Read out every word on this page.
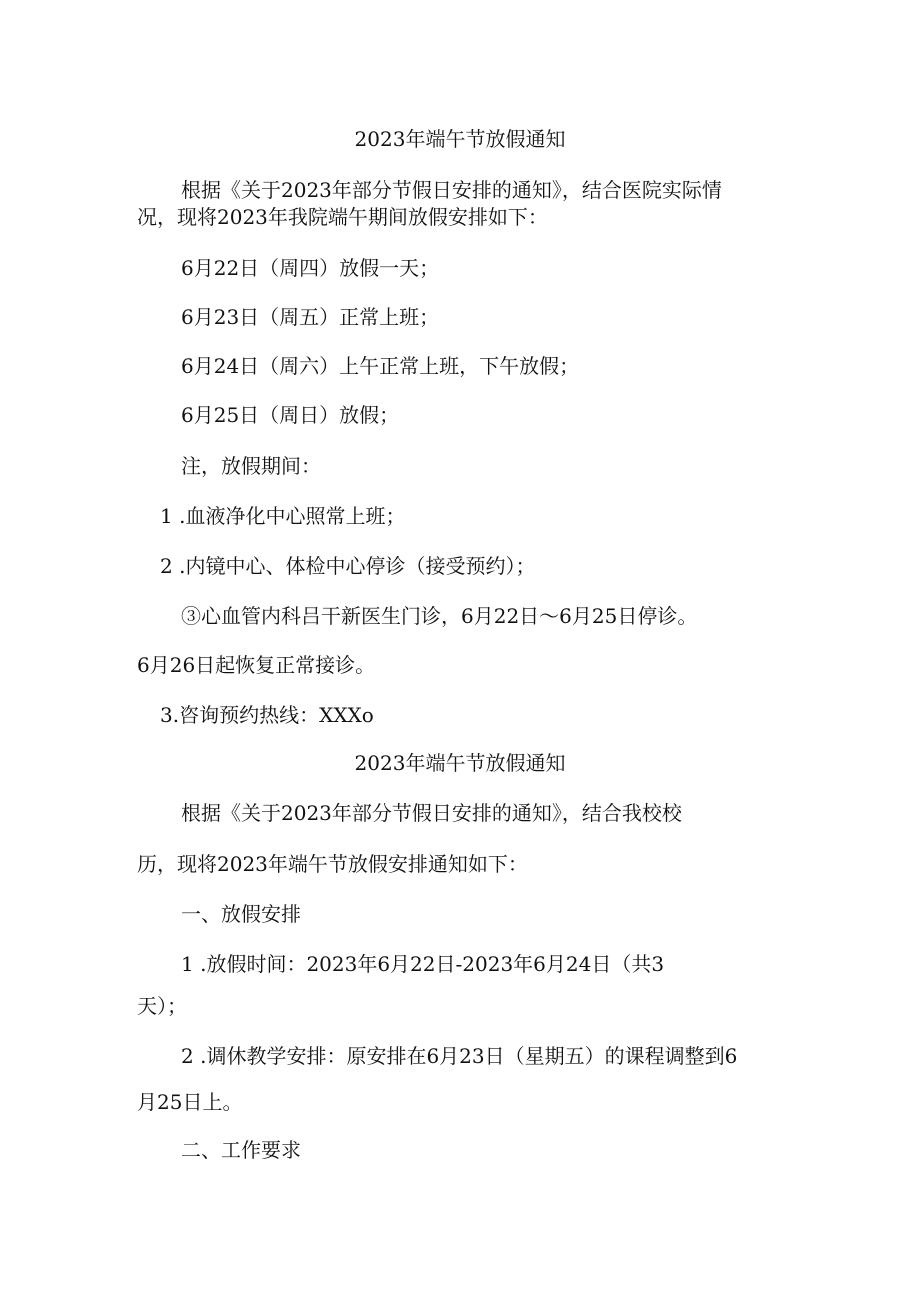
2023年端午节放假通知
根据《关于2023年部分节假日安排的通知》，结合医院实际情
况，现将2023年我院端午期间放假安排如下：
6月22日（周四）放假一天；
6月23日（周五）正常上班；
6月24日（周六）上午正常上班，下午放假；
6月25日（周日）放假；
注，放假期间：
1 .血液净化中心照常上班；
2 .内镜中心、体检中心停诊（接受预约）；
③心血管内科吕干新医生门诊，6月22日～6月25日停诊。
6月26日起恢复正常接诊。
3.咨询预约热线：XXXo
2023年端午节放假通知
根据《关于2023年部分节假日安排的通知》，结合我校校
历，现将2023年端午节放假安排通知如下：
一、放假安排
1 .放假时间：2023年6月22日-2023年6月24日（共3
天）；
2 .调休教学安排：原安排在6月23日（星期五）的课程调整到6
月25日上。
二、工作要求
